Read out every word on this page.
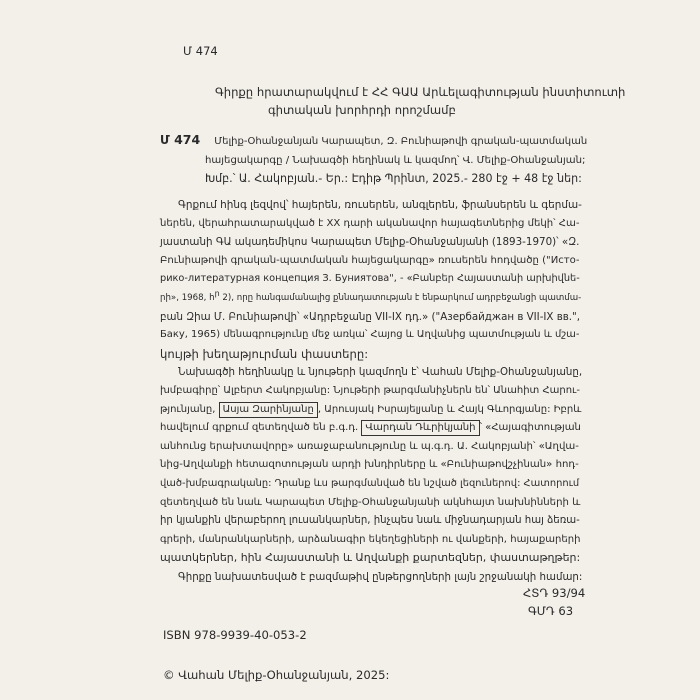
Մ 474
Գիրքը հրատարակվում է ՀՀ ԳԱԱ Արևելագիտության ինստիտուտի
գիտական խորհրդի որոշմամբ
Մ 474 Մելիք-Օհանջանյան Կարապետ, Զ. Բունիաթովի գրական-պատմական
հայեցակարգը / Նախագծի հեղինակ և կազմող՝ Վ. Մելիք-Օհանջանյան;
Խմբ.՝ Ա. Հակոբյան.- Եր.: Էդիթ Պրինտ, 2025.- 280 էջ + 48 էջ ներ:
Գրքում հինգ լեզվով՝ հայերեն, ռուսերեն, անգլերեն, ֆրանսերեն և գերմա-
ներեն, վերահրատարակված է XX դարի ականավոր հայագետներից մեկի՝ Հա-
յաստանի ԳԱ ակադեմիկոս Կարապետ Մելիք-Օհանջանյանի (1893-1970)՝ «Զ.
Բունիաթովի գրական-պատմական հայեցակարգը» ռուսերեն հոդվածը ("Исто-
рико-литературная концепция З. Буниятова", - «Բանբեր Հայաստանի արխիվնե-
րի», 1968, հր 2), որը հանգամանալից քննադատության է ենթարկում ադրբեջանցի պատմա-
բան Զիա Մ. Բունիաթովի՝ «Ադրբեջանը VII-IX դդ.» ("Азербайджан в VII-IX вв.",
Баку, 1965) մենագրությունը մեջ առկա՝ Հայոց և Աղվանից պատմության և մշա-
կույթի խեղաթյուրման փաստերը:
Նախագծի հեղինակը և նյութերի կազմողն է՝ Վահան Մելիք-Օհանջանյանը,
խմբագիրը՝ Ալբերտ Հակոբյանը: Նյութերի թարգմանիչներն են՝ Անահիտ Հարու-
թյունյանը, Ասյա Զարինյանը , Արուսյակ Իսրայելյանը և Հայկ Գևորգյանը: Իբրև
հավելում գրքում զետեղված են բ.գ.դ. Վարդան Դևրիկյանի ՝ «Հայագիտության
անհունց երախտավորը» առաջաբանությունը և պ.գ.դ. Ա. Հակոբյանի՝ «Աղվա-
նից-Աղվանքի հետազոտության արդի խնդիրները և «Բունիաթովշչինան» հոդ-
ված-խմբագրականը: Դրանք ևս թարգմանված են նշված լեզուներով: Հատորում
զետեղված են նաև Կարապետ Մելիք-Օհանջանյանի ակնհայտ նախնինների և
իր կյանքին վերաբերող լուսանկարներ, ինչպես նաև միջնադարյան հայ ձեռա-
գրերի, մանրանկարների, արձանագիր եկեղեցիների ու վանքերի, հայաքարերի
պատկերներ, հին Հայաստանի և Աղվանքի քարտեզներ, փաստաթղթեր:
Գիրքը նախատեսված է բազմաթիվ ընթերցողների լայն շրջանակի համար:
ՀՏԴ 93/94
ԳՄԴ 63
ISBN 978-9939-40-053-2
© Վահան Մելիք-Օհանջանյան, 2025:
